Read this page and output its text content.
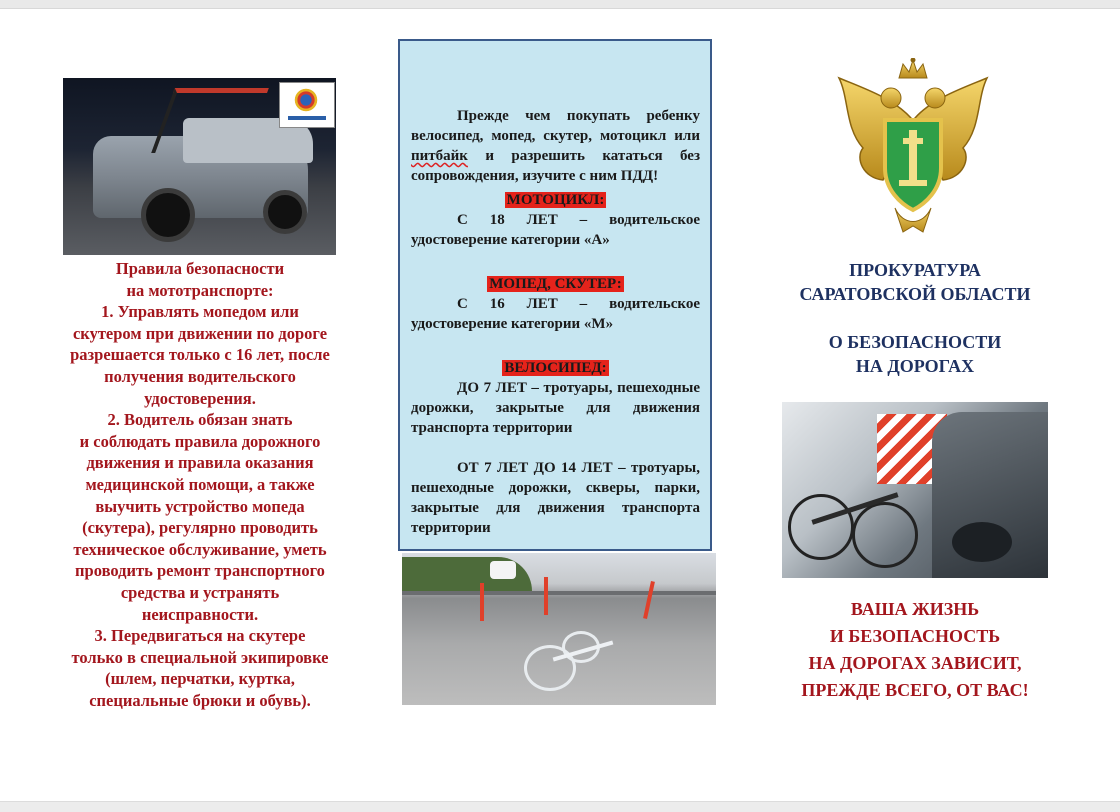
Правила безопасности

на мототранспорте:

1. Управлять мопедом или

скутером при движении по дороге

разрешается только с 16 лет, после

получения водительского

удостоверения.

2. Водитель обязан знать

и соблюдать правила дорожного

движения и правила оказания

медицинской помощи, а также

выучить устройство мопеда

(скутера), регулярно проводить

техническое обслуживание, уметь

проводить ремонт транспортного

средства и устранять

неисправности.

3. Передвигаться на скутере

только в специальной экипировке

(шлем, перчатки, куртка,

специальные брюки и обувь).

Прежде чем покупать ребенку велосипед, мопед, скутер, мотоцикл или питбайк и разрешить кататься без сопровождения, изучите с ним ПДД!

МОТОЦИКЛ:

С 18 ЛЕТ – водительское удостоверение категории «А»

МОПЕД, СКУТЕР:

С 16 ЛЕТ – водительское удостоверение категории «М»

ВЕЛОСИПЕД:

ДО 7 ЛЕТ – тротуары, пешеходные дорожки, закрытые для движения транспорта территории

ОТ 7 ЛЕТ ДО 14 ЛЕТ – тротуары, пешеходные дорожки, скверы, парки, закрытые для движения транспорта территории

ПРОКУРАТУРА
САРАТОВСКОЙ ОБЛАСТИ
О БЕЗОПАСНОСТИ
НА ДОРОГАХ

ВАША ЖИЗНЬ

И БЕЗОПАСНОСТЬ

НА ДОРОГАХ ЗАВИСИТ,

ПРЕЖДЕ ВСЕГО, ОТ ВАС!
